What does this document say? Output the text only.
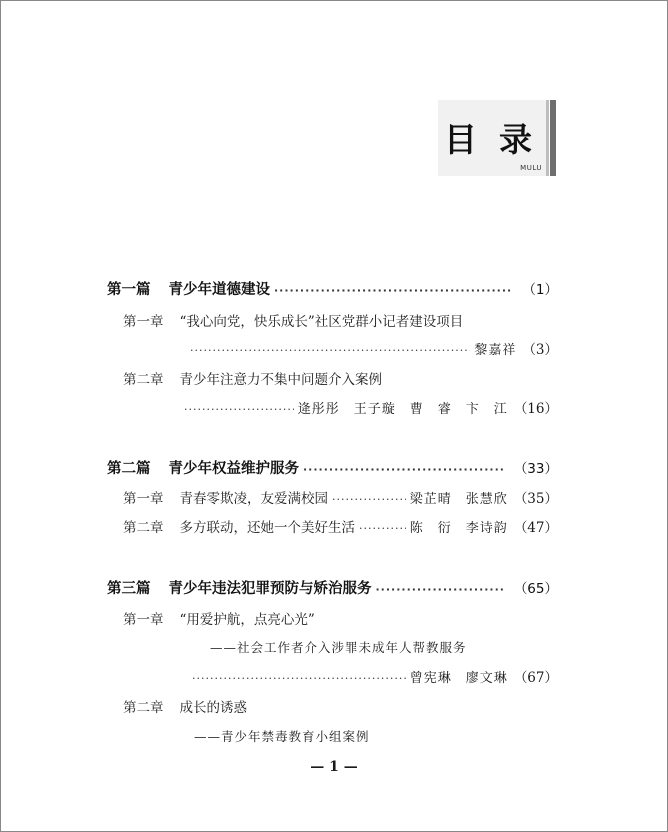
目录
MULU
第一篇 青少年道德建设 ·····	（1）
第一章 “我心向党，快乐成长”社区党群小记者建设项目
·····
黎嘉祥 （3）
第二章 青少年注意力不集中问题介入案例
·····
逄彤彤　王子璇　曹　睿　卞　江 （16）
第二篇 青少年权益维护服务 ·····	（33）
第一章 青春零欺凌，友爱满校园 ·····	梁芷晴　张慧欣 （35）
第二章 多方联动，还她一个美好生活 ·····	陈　衍　李诗韵 （47）
第三篇 青少年违法犯罪预防与矫治服务 ·····	（65）
第一章 “用爱护航，点亮心光”
——社会工作者介入涉罪未成年人帮教服务
·····
曾宪琳　廖文琳 （67）
第二章 成长的诱惑
——青少年禁毒教育小组案例
— 1 —
